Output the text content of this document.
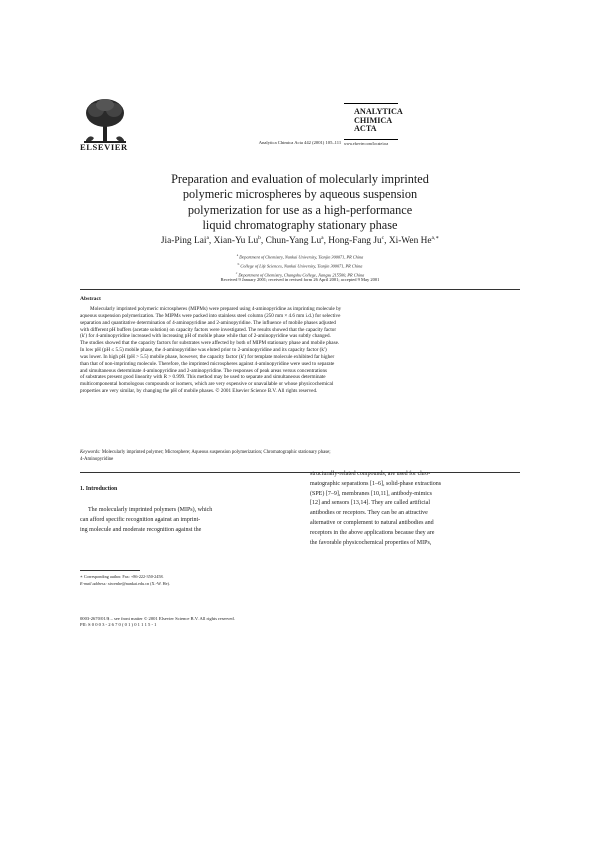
ELSEVIER	Analytica Chimica Acta 442 (2001) 105–111
ANALYTICA
CHIMICA
ACTA
www.elsevier.com/locate/aca
Preparation and evaluation of molecularly imprinted
polymeric microspheres by aqueous suspension
polymerization for use as a high-performance
liquid chromatography stationary phase
Jia-Ping Lai$^a$, Xian-Yu Lu$^b$, Chun-Yang Lu$^a$, Hong-Fang Ju$^c$, Xi-Wen $He^{a,∗}$
$^a$ Department of Chemistry, Nankai University, Tianjin 300071, PR China
$^b$ College of Life Sciences, Nankai University, Tianjin 300071, PR China
$^c$ Department of Chemistry, Changshu College, Jiangsu 215500, PR China
Received 9 January 2001; received in revised form 26 April 2001; accepted 9 May 2001
Abstract
Molecularly imprinted polymeric microspheres (MIPMs) were prepared using 4-aminopyridine as imprinting molecule by
aqueous suspension polymerization. The MIPMs were packed into stainless steel column (250 mm × 4.6 mm i.d.) for selective
separation and quantitative determination of 4-aminopyridine and 2-aminopyridine. The influence of mobile phases adjusted
with different pH buffers (acetate solution) on capacity factors were investigated. The results showed that the capacity factor
(k′) for 4-aminopyridine increased with increasing pH of mobile phase while that of 2-aminopyridine was subtly changed.
The studies showed that the capacity factors for substrates were affected by both of MIPM stationary phase and mobile phase.
In low pH (pH ≤ 5.5) mobile phase, the 4-aminopyridine was eluted prior to 2-aminopyridine and its capacity factor (k′)
was lower. In high pH (pH > 5.5) mobile phase, however, the capacity factor (k′) for template molecule exhibited far higher
than that of non-imprinting molecule. Therefore, the imprinted microspheres against 4-aminopyridine were used to separate
and simultaneous determinate 4-aminopyridine and 2-aminopyridine. The responses of peak areas versus concentrations
of substrates present good linearity with R > 0.999. This method may be used to separate and simultaneous determinate
multicomponental homologous compounds or isomers, which are very expensive or unavailable or whose physicochemical
properties are very similar, by changing the pH of mobile phases. © 2001 Elsevier Science B.V. All rights reserved.
Keywords: Molecularly imprinted polymer; Microsphere; Aqueous suspension polymerization; Chromatographic stationary phase;
4-Aminopyridine
1. Introduction
The molecularly imprinted polymers (MIPs), which
can afford specific recognition against an imprint-
ing molecule and moderate recognition against the
structurally-related compounds, are used for chro-
matographic separations [1–6], solid-phase extractions
(SPE) [7–9], membranes [10,11], antibody-mimics
[12] and sensors [13,14]. They are called artificial
antibodies or receptors. They can be an attractive
alternative or complement to natural antibodies and
receptors in the above applications because they are
the favorable physicochemical properties of MIPs,
∗ Corresponding author. Fax: +86-222-350-2458.
E-mail address: xiwenhe@nankai.edu.cn (X.-W. He).
0003-2670/01/$ – see front matter © 2001 Elsevier Science B.V. All rights reserved.
PII: S 0 0 0 3 - 2 6 7 0 ( 0 1 ) 0 1 1 1 5 - 1
